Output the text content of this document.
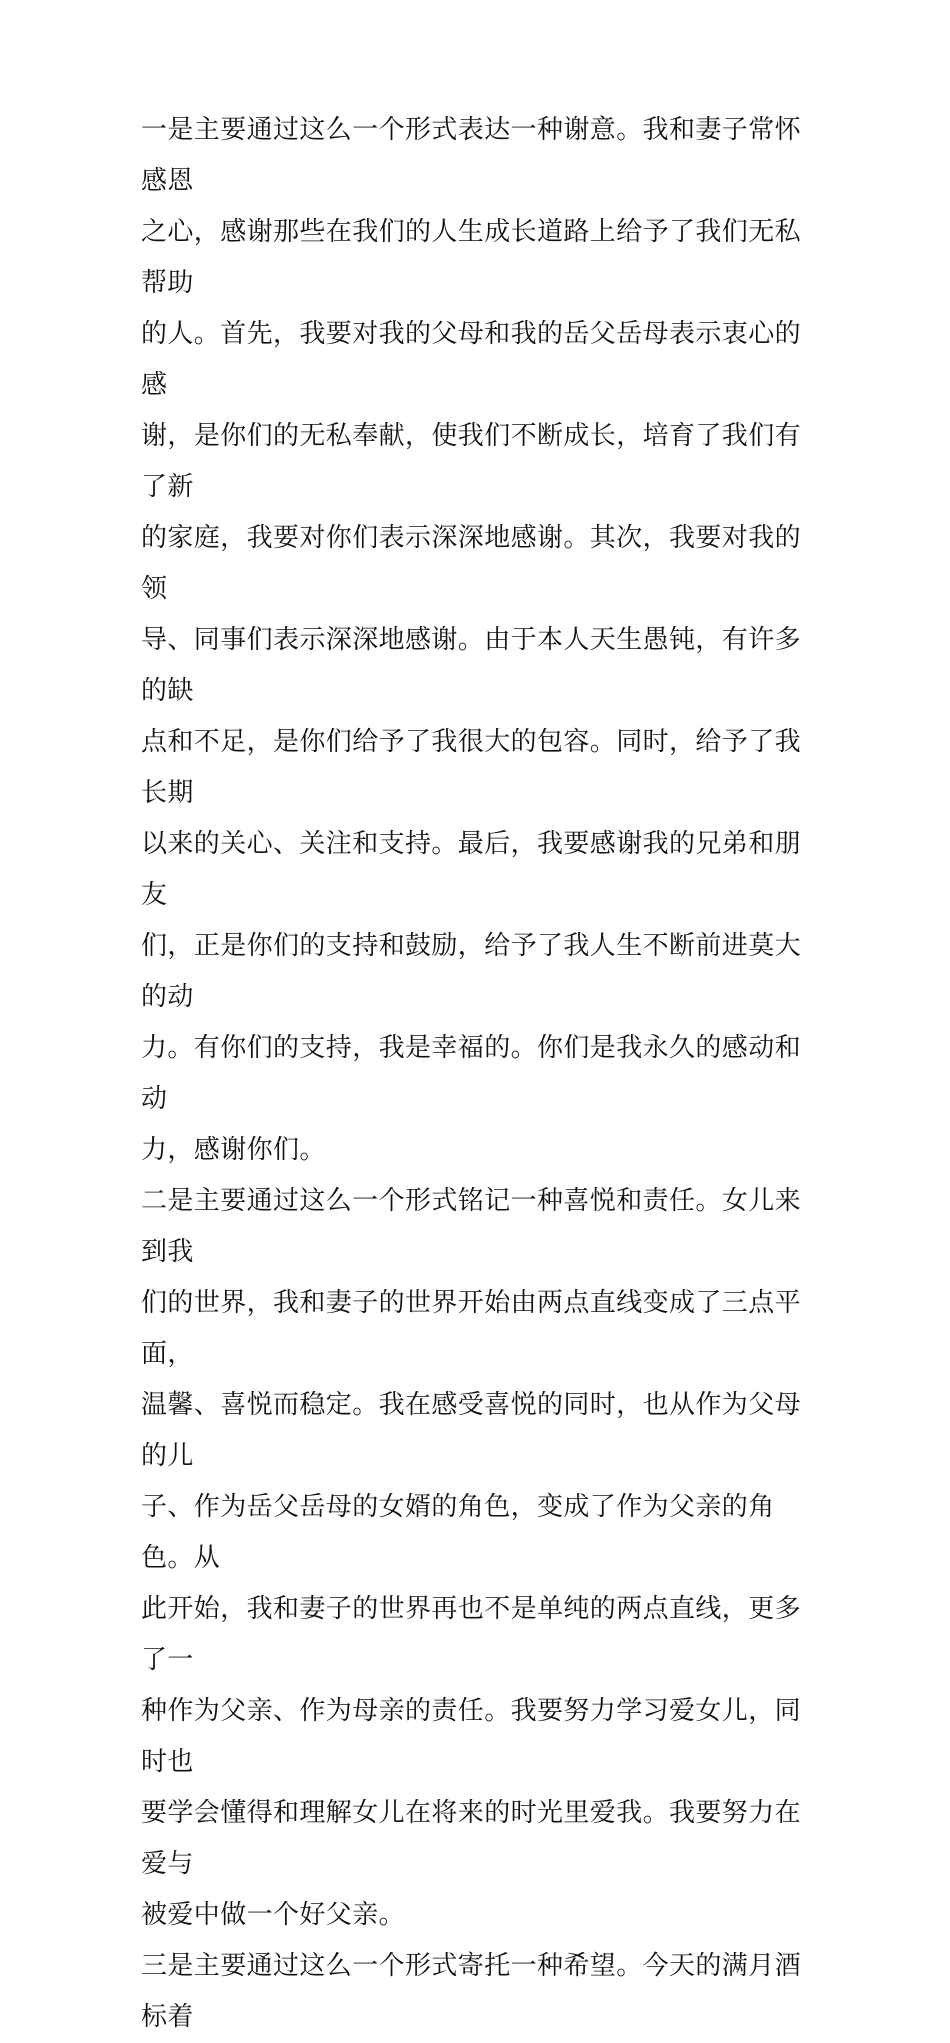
一是主要通过这么一个形式表达一种谢意。我和妻子常怀感恩
之心，感谢那些在我们的人生成长道路上给予了我们无私帮助
的人。首先，我要对我的父母和我的岳父岳母表示衷心的感
谢，是你们的无私奉献，使我们不断成长，培育了我们有了新
的家庭，我要对你们表示深深地感谢。其次，我要对我的领
导、同事们表示深深地感谢。由于本人天生愚钝，有许多的缺
点和不足，是你们给予了我很大的包容。同时，给予了我长期
以来的关心、关注和支持。最后，我要感谢我的兄弟和朋友
们，正是你们的支持和鼓励，给予了我人生不断前进莫大的动
力。有你们的支持，我是幸福的。你们是我永久的感动和动
力，感谢你们。

二是主要通过这么一个形式铭记一种喜悦和责任。女儿来到我
们的世界，我和妻子的世界开始由两点直线变成了三点平面，
温馨、喜悦而稳定。我在感受喜悦的同时，也从作为父母的儿
子、作为岳父岳母的女婿的角色，变成了作为父亲的角色。从
此开始，我和妻子的世界再也不是单纯的两点直线，更多了一
种作为父亲、作为母亲的责任。我要努力学习爱女儿，同时也
要学会懂得和理解女儿在将来的时光里爱我。我要努力在爱与
被爱中做一个好父亲。

三是主要通过这么一个形式寄托一种希望。今天的满月酒标着
